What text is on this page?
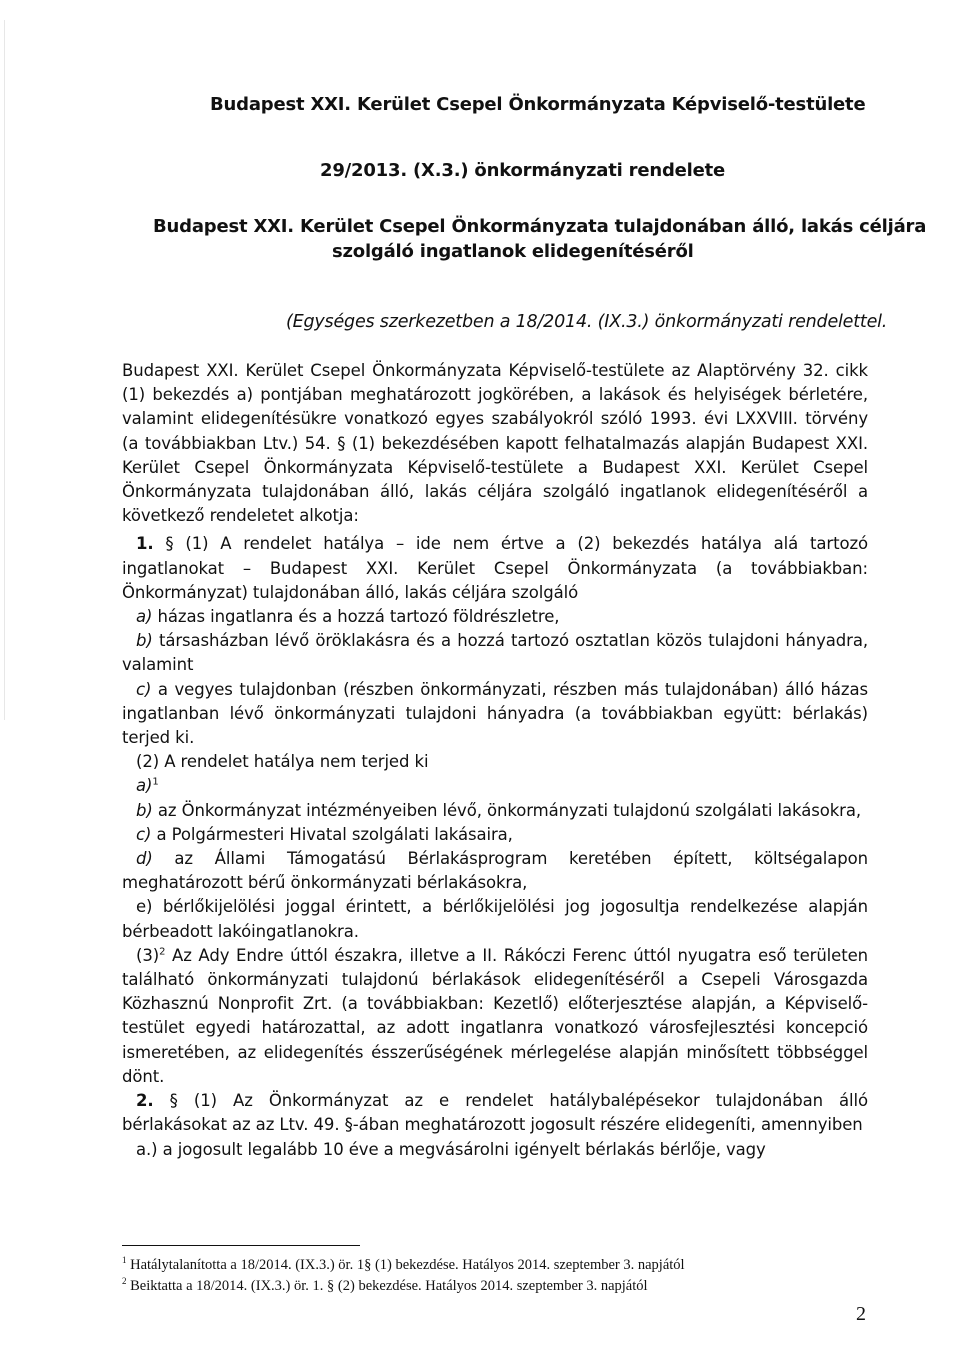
Budapest XXI. Kerület Csepel Önkormányzata Képviselő-testülete
29/2013. (X.3.) önkormányzati rendelete
Budapest XXI. Kerület Csepel Önkormányzata tulajdonában álló, lakás céljára
szolgáló ingatlanok elidegenítéséről
(Egységes szerkezetben a 18/2014. (IX.3.) önkormányzati rendelettel.

Budapest XXI. Kerület Csepel Önkormányzata Képviselő-testülete az Alaptörvény 32. cikk (1) bekezdés a) pontjában meghatározott jogkörében, a lakások és helyiségek bérletére, valamint elidegenítésükre vonatkozó egyes szabályokról szóló 1993. évi LXXVIII. törvény (a továbbiakban Ltv.) 54. § (1) bekezdésében kapott felhatalmazás alapján Budapest XXI. Kerület Csepel Önkormányzata Képviselő-testülete a Budapest XXI. Kerület Csepel Önkormányzata tulajdonában álló, lakás céljára szolgáló ingatlanok elidegenítéséről a következő rendeletet alkotja:

1. § (1) A rendelet hatálya – ide nem értve a (2) bekezdés hatálya alá tartozó ingatlanokat – Budapest XXI. Kerület Csepel Önkormányzata (a továbbiakban: Önkormányzat) tulajdonában álló, lakás céljára szolgáló

a) házas ingatlanra és a hozzá tartozó földrészletre,

b) társasházban lévő öröklakásra és a hozzá tartozó osztatlan közös tulajdoni hányadra, valamint

c) a vegyes tulajdonban (részben önkormányzati, részben más tulajdonában) álló házas ingatlanban lévő önkormányzati tulajdoni hányadra (a továbbiakban együtt: bérlakás) terjed ki.

(2) A rendelet hatálya nem terjed ki

a)$^1$

b) az Önkormányzat intézményeiben lévő, önkormányzati tulajdonú szolgálati lakásokra,

c) a Polgármesteri Hivatal szolgálati lakásaira,

d) az Állami Támogatású Bérlakásprogram keretében épített, költségalapon meghatározott bérű önkormányzati bérlakásokra,

e) bérlőkijelölési joggal érintett, a bérlőkijelölési jog jogosultja rendelkezése alapján bérbeadott lakóingatlanokra.

$(3)^2$ Az Ady Endre úttól északra, illetve a II. Rákóczi Ferenc úttól nyugatra eső területen található önkormányzati tulajdonú bérlakások elidegenítéséről a Csepeli Városgazda Közhasznú Nonprofit Zrt. (a továbbiakban: Kezetlő) előterjesztése alapján, a Képviselő-testület egyedi határozattal, az adott ingatlanra vonatkozó városfejlesztési koncepció ismeretében, az elidegenítés ésszerűségének mérlegelése alapján minősített többséggel dönt.

2. § (1) Az Önkormányzat az e rendelet hatálybalépésekor tulajdonában álló bérlakásokat az az Ltv. 49. §-ában meghatározott jogosult részére elidegeníti, amennyiben

a.) a jogosult legalább 10 éve a megvásárolni igényelt bérlakás bérlője, vagy

$^1$ Hatálytalanította a 18/2014. (IX.3.) ör. 1§ (1) bekezdése. Hatályos 2014. szeptember 3. napjától

$^2$ Beiktatta a 18/2014. (IX.3.) ör. 1. § (2) bekezdése. Hatályos 2014. szeptember 3. napjától

2
